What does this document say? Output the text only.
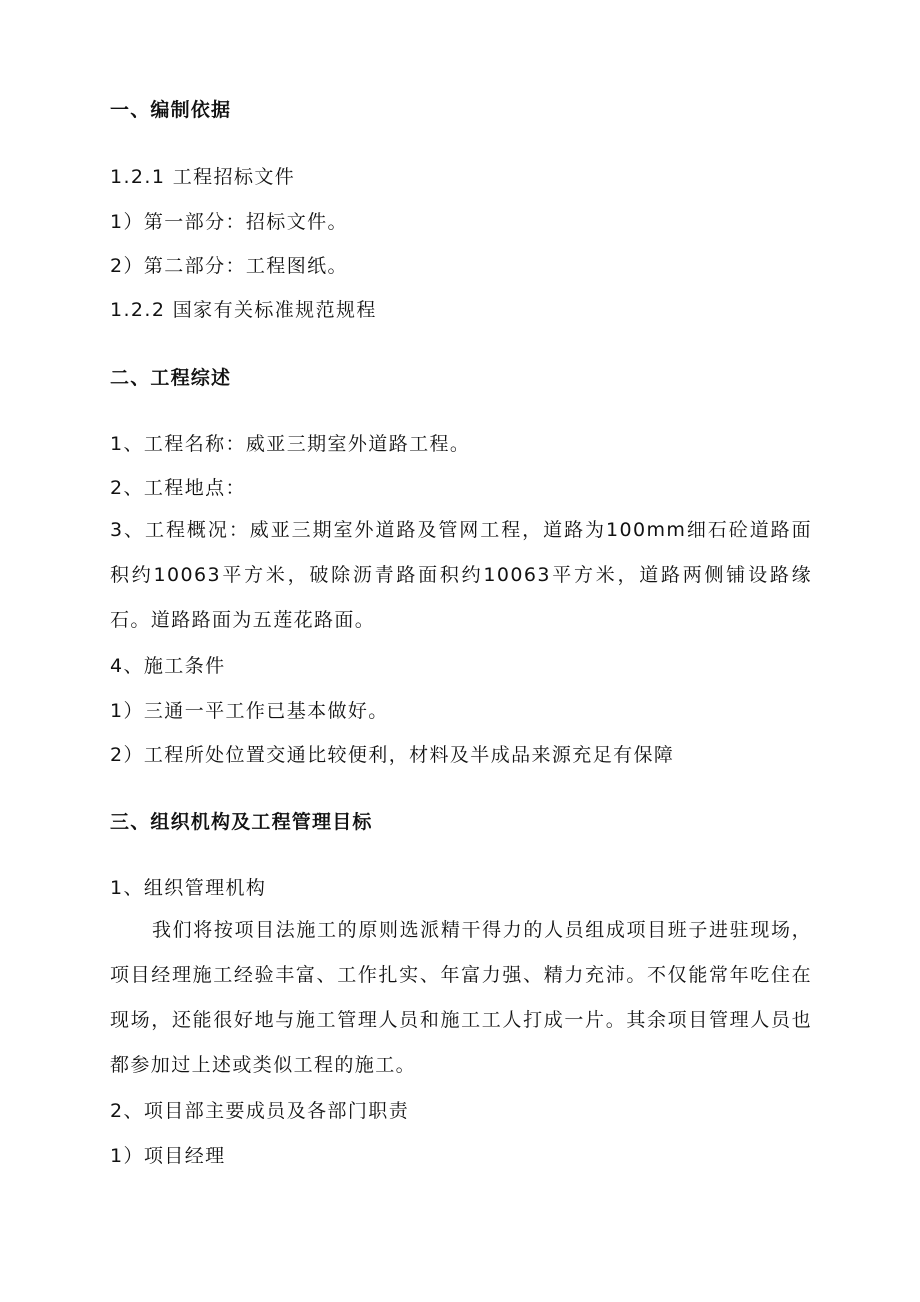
一、编制依据
1.2.1 工程招标文件
1）第一部分：招标文件。
2）第二部分：工程图纸。
1.2.2 国家有关标准规范规程
二、工程综述
1、工程名称：威亚三期室外道路工程。
2、工程地点：
3、工程概况：威亚三期室外道路及管网工程，道路为100mm细石砼道路面积约10063平方米，破除沥青路面积约10063平方米，道路两侧铺设路缘石。道路路面为五莲花路面。
4、施工条件
1）三通一平工作已基本做好。
2）工程所处位置交通比较便利，材料及半成品来源充足有保障
三、组织机构及工程管理目标
1、组织管理机构
我们将按项目法施工的原则选派精干得力的人员组成项目班子进驻现场，项目经理施工经验丰富、工作扎实、年富力强、精力充沛。不仅能常年吃住在现场，还能很好地与施工管理人员和施工工人打成一片。其余项目管理人员也都参加过上述或类似工程的施工。
2、项目部主要成员及各部门职责
1）项目经理
